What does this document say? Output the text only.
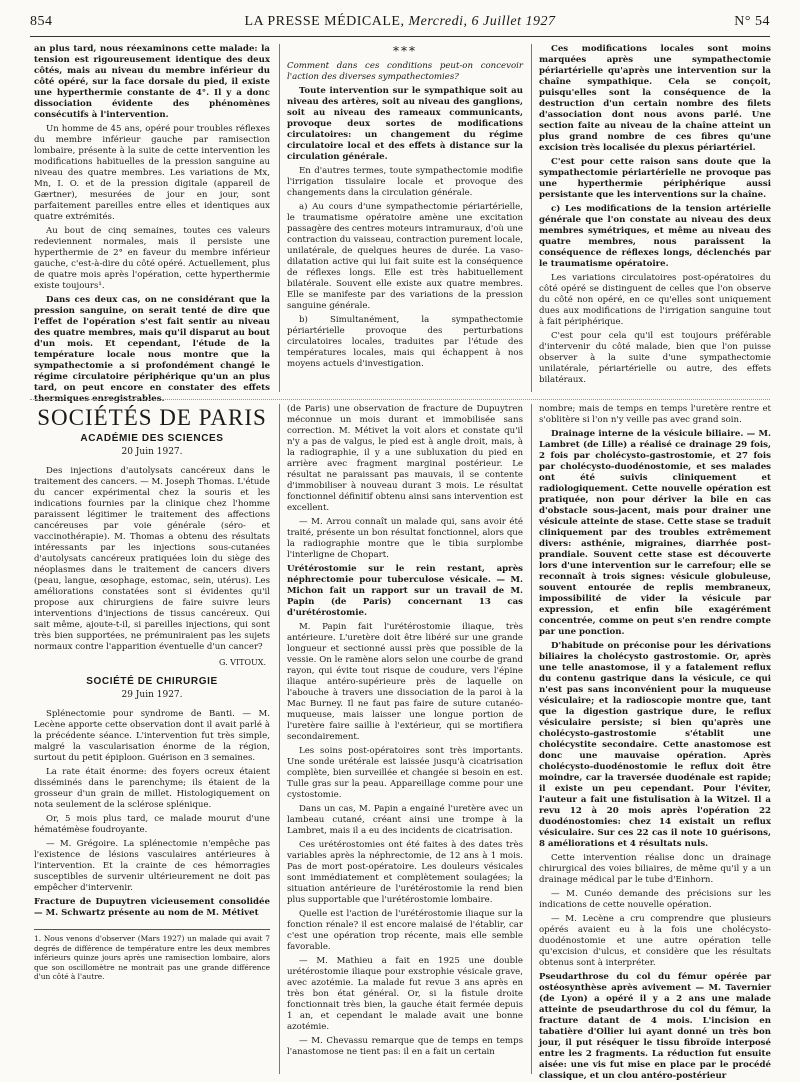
854	LA PRESSE MÉDICALE, Mercredi, 6 Juillet 1927	N° 54

an plus tard, nous réexaminons cette malade: la tension est rigoureusement identique des deux côtés, mais au niveau du membre inférieur du côté opéré, sur la face dorsale du pied, il existe une hyperthermie constante de 4°. Il y a donc dissociation évidente des phénomènes consécutifs à l'intervention.

Un homme de 45 ans, opéré pour troubles réflexes du membre inférieur gauche par ramisection lombaire, présente à la suite de cette intervention les modifications habituelles de la pression sanguine au niveau des quatre membres. Les variations de Mx, Mn, I. O. et de la pression digitale (appareil de Gærtner), mesurées de jour en jour, sont parfaitement pareilles entre elles et identiques aux quatre extrémités.

Au bout de cinq semaines, toutes ces valeurs redeviennent normales, mais il persiste une hyperthermie de 2° en faveur du membre inférieur gauche, c'est-à-dire du côté opéré. Actuellement, plus de quatre mois après l'opération, cette hyperthermie existe toujours¹.

Dans ces deux cas, on ne considérant que la pression sanguine, on serait tenté de dire que l'effet de l'opération s'est fait sentir au niveau des quatre membres, mais qu'il disparut au bout d'un mois. Et cependant, l'étude de la température locale nous montre que la sympathectomie a si profondément changé le régime circulatoire périphérique qu'un an plus tard, on peut encore en constater des effets thermiques enregistrables.

***

Comment dans ces conditions peut-on concevoir l'action des diverses sympathectomies?

Toute intervention sur le sympathique soit au niveau des artères, soit au niveau des ganglions, soit au niveau des rameaux communicants, provoque deux sortes de modifications circulatoires: un changement du régime circulatoire local et des effets à distance sur la circulation générale.

En d'autres termes, toute sympathectomie modifie l'irrigation tissulaire locale et provoque des changements dans la circulation générale.

a) Au cours d'une sympathectomie périartérielle, le traumatisme opératoire amène une excitation passagère des centres moteurs intramuraux, d'où une contraction du vaisseau, contraction purement locale, unilatérale, de quelques heures de durée. La vaso-dilatation active qui lui fait suite est la conséquence de réflexes longs. Elle est très habituellement bilatérale. Souvent elle existe aux quatre membres. Elle se manifeste par des variations de la pression sanguine générale.

b) Simultanément, la sympathectomie périartérielle provoque des perturbations circulatoires locales, traduites par l'étude des températures locales, mais qui échappent à nos moyens actuels d'investigation.

Ces modifications locales sont moins marquées après une sympathectomie périartérielle qu'après une intervention sur la chaîne sympathique. Cela se conçoit, puisqu'elles sont la conséquence de la destruction d'un certain nombre des filets d'association dont nous avons parlé. Une section faite au niveau de la chaîne atteint un plus grand nombre de ces fibres qu'une excision très localisée du plexus périartériel.

C'est pour cette raison sans doute que la sympathectomie périartérielle ne provoque pas une hyperthermie périphérique aussi persistante que les interventions sur la chaîne.

c) Les modifications de la tension artérielle générale que l'on constate au niveau des deux membres symétriques, et même au niveau des quatre membres, nous paraissent la conséquence de réflexes longs, déclenchés par le traumatisme opératoire.

Les variations circulatoires post-opératoires du côté opéré se distinguent de celles que l'on observe du côté non opéré, en ce qu'elles sont uniquement dues aux modifications de l'irrigation sanguine tout à fait périphérique.

C'est pour cela qu'il est toujours préférable d'intervenir du côté malade, bien que l'on puisse observer à la suite d'une sympathectomie unilatérale, périartérielle ou autre, des effets bilatéraux.

SOCIÉTÉS DE PARIS
ACADÉMIE DES SCIENCES
20 Juin 1927.

Des injections d'autolysats cancéreux dans le traitement des cancers. — M. Joseph Thomas. L'étude du cancer expérimental chez la souris et les indications fournies par la clinique chez l'homme paraissent légitimer le traitement des affections cancéreuses par voie générale (séro- et vaccinothérapie). M. Thomas a obtenu des résultats intéressants par les injections sous-cutanées d'autolysats cancéreux pratiquées loin du siège des néoplasmes dans le traitement de cancers divers (peau, langue, œsophage, estomac, sein, utérus). Les améliorations constatées sont si évidentes qu'il propose aux chirurgiens de faire suivre leurs interventions d'injections de tissus cancéreux. Qui sait même, ajoute-t-il, si pareilles injections, qui sont très bien supportées, ne prémuniraient pas les sujets normaux contre l'apparition éventuelle d'un cancer?

G. VITOUX.
SOCIÉTÉ DE CHIRURGIE
29 Juin 1927.

Splénectomie pour syndrome de Banti. — M. Lecène apporte cette observation dont il avait parlé à la précédente séance. L'intervention fut très simple, malgré la vascularisation énorme de la région, surtout du petit épiploon. Guérison en 3 semaines.

La rate était énorme: des foyers ocreux étaient disséminés dans le parenchyme; ils étaient de la grosseur d'un grain de millet. Histologiquement on nota seulement de la sclérose splénique.

Or, 5 mois plus tard, ce malade mourut d'une hématémèse foudroyante.

— M. Grégoire. La splénectomie n'empêche pas l'existence de lésions vasculaires antérieures à l'intervention. Et la crainte de ces hémorragies susceptibles de survenir ultérieurement ne doit pas empêcher d'intervenir.

Fracture de Dupuytren vicieusement consolidée — M. Schwartz présente au nom de M. Métivet

1. Nous venons d'observer (Mars 1927) un malade qui avait 7 degrés de différence de température entre les deux membres inférieurs quinze jours après une ramisection lombaire, alors que son oscillomètre ne montrait pas une grande différence d'un côté à l'autre.

(de Paris) une observation de fracture de Dupuytren méconnue un mois durant et immobilisée sans correction. M. Métivet la voit alors et constate qu'il n'y a pas de valgus, le pied est à angle droit, mais, à la radiographie, il y a une subluxation du pied en arrière avec fragment marginal postérieur. Le résultat ne paraissant pas mauvais, il se contente d'immobiliser à nouveau durant 3 mois. Le résultat fonctionnel définitif obtenu ainsi sans intervention est excellent.

— M. Arrou connaît un malade qui, sans avoir été traité, présente un bon résultat fonctionnel, alors que la radiographie montre que le tibia surplombe l'interligne de Chopart.

Urétérostomie sur le rein restant, après néphrectomie pour tuberculose vésicale. — M. Michon fait un rapport sur un travail de M. Papin (de Paris) concernant 13 cas d'urétérostomie.

M. Papin fait l'urétérostomie iliaque, très antérieure. L'uretère doit être libéré sur une grande longueur et sectionné aussi près que possible de la vessie. On le ramène alors selon une courbe de grand rayon, qui évite tout risque de coudure, vers l'épine iliaque antéro-supérieure près de laquelle on l'abouche à travers une dissociation de la paroi à la Mac Burney. Il ne faut pas faire de suture cutanéo-muqueuse, mais laisser une longue portion de l'uretère faire saillie à l'extérieur, qui se mortifiera secondairement.

Les soins post-opératoires sont très importants. Une sonde urétérale est laissée jusqu'à cicatrisation complète, bien surveillée et changée si besoin en est. Tulle gras sur la peau. Appareillage comme pour une cystostomie.

Dans un cas, M. Papin a engainé l'uretère avec un lambeau cutané, créant ainsi une trompe à la Lambret, mais il a eu des incidents de cicatrisation.

Ces urétérostomies ont été faites à des dates très variables après la néphrectomie, de 12 ans à 1 mois. Pas de mort post-opératoire. Les douleurs vésicales sont immédiatement et complètement soulagées; la situation antérieure de l'urétérostomie la rend bien plus supportable que l'urétérostomie lombaire.

Quelle est l'action de l'urétérostomie iliaque sur la fonction rénale? il est encore malaisé de l'établir, car c'est une opération trop récente, mais elle semble favorable.

— M. Mathieu a fait en 1925 une double urétérostomie iliaque pour exstrophie vésicale grave, avec azotémie. La malade fut revue 3 ans après en très bon état général. Or, si la fistule droite fonctionnait très bien, la gauche était fermée depuis 1 an, et cependant le malade avait une bonne azotémie.

— M. Chevassu remarque que de temps en temps l'anastomose ne tient pas: il en a fait un certain

nombre; mais de temps en temps l'uretère rentre et s'oblitère si l'on n'y veille pas avec grand soin.

Drainage interne de la vésicule biliaire. — M. Lambret (de Lille) a réalisé ce drainage 29 fois, 2 fois par cholécysto-gastrostomie, et 27 fois par cholécysto-duodénostomie, et ses malades ont été suivis cliniquement et radiologiquement. Cette nouvelle opération est pratiquée, non pour dériver la bile en cas d'obstacle sous-jacent, mais pour drainer une vésicule atteinte de stase. Cette stase se traduit cliniquement par des troubles extrêmement divers: asthénie, migraines, diarrhée post-prandiale. Souvent cette stase est découverte lors d'une intervention sur le carrefour; elle se reconnaît à trois signes: vésicule globuleuse, souvent entourée de replis membraneux, impossibilité de vider la vésicule par expression, et enfin bile exagérément concentrée, comme on peut s'en rendre compte par une ponction.

D'habitude on préconise pour les dérivations biliaires la cholécysto gastrostomie. Or, après une telle anastomose, il y a fatalement reflux du contenu gastrique dans la vésicule, ce qui n'est pas sans inconvénient pour la muqueuse vésiculaire; et la radioscopie montre que, tant que la digestion gastrique dure, le reflux vésiculaire persiste; si bien qu'après une cholécysto-gastrostomie s'établit une cholécystite secondaire. Cette anastomose est donc une mauvaise opération. Après cholécysto-duodénostomie le reflux doit être moindre, car la traversée duodénale est rapide; il existe un peu cependant. Pour l'éviter, l'auteur a fait une fistulisation à la Witzel. Il a revu 12 à 20 mois après l'opération 22 duodénostomies: chez 14 existait un reflux vésiculaire. Sur ces 22 cas il note 10 guérisons, 8 améliorations et 4 résultats nuls.

Cette intervention réalise donc un drainage chirurgical des voies biliaires, de même qu'il y a un drainage médical par le tube d'Einhorn.

— M. Cunéo demande des précisions sur les indications de cette nouvelle opération.

— M. Lecène a cru comprendre que plusieurs opérés avaient eu à la fois une cholécysto-duodénostomie et une autre opération telle qu'excision d'ulcus, et considère que les résultats obtenus sont à interpréter.

Pseudarthrose du col du fémur opérée par ostéosynthèse après avivement — M. Tavernier (de Lyon) a opéré il y a 2 ans une malade atteinte de pseudarthrose du col du fémur, la fracture datant de 4 mois. L'incision en tabatière d'Ollier lui ayant donné un très bon jour, il put réséquer le tissu fibroïde interposé entre les 2 fragments. La réduction fut ensuite aisée: une vis fut mise en place par le procédé classique, et un clou antéro-postérieur
